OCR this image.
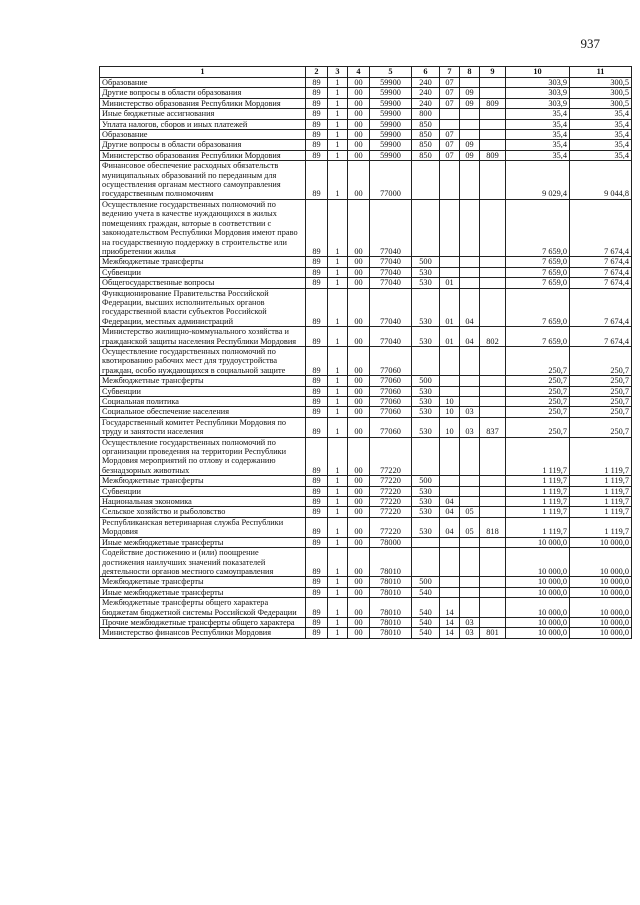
937
1	2	3	4	5	6	7	8	9	10	11
Образование	89	1	00	59900	240	07			303,9	300,5
Другие вопросы в области образования	89	1	00	59900	240	07	09		303,9	300,5
Министерство образования Республики Мордовия	89	1	00	59900	240	07	09	809	303,9	300,5
Иные бюджетные ассигнования	89	1	00	59900	800				35,4	35,4
Уплата налогов, сборов и иных платежей	89	1	00	59900	850				35,4	35,4
Образование	89	1	00	59900	850	07			35,4	35,4
Другие вопросы в области образования	89	1	00	59900	850	07	09		35,4	35,4
Министерство образования Республики Мордовия	89	1	00	59900	850	07	09	809	35,4	35,4
Финансовое обеспечение расходных обязательств муниципальных образований по переданным для осуществления органам местного самоуправления государственным полномочиям	89	1	00	77000					9 029,4	9 044,8
Осуществление государственных полномочий по ведению учета в качестве нуждающихся в жилых помещениях граждан, которые в соответствии с законодательством Республики Мордовия имеют право на государственную поддержку в строительстве или приобретении жилья	89	1	00	77040					7 659,0	7 674,4
Межбюджетные трансферты	89	1	00	77040	500				7 659,0	7 674,4
Субвенции	89	1	00	77040	530				7 659,0	7 674,4
Общегосударственные вопросы	89	1	00	77040	530	01			7 659,0	7 674,4
Функционирование Правительства Российской Федерации, высших исполнительных органов государственной власти субъектов Российской Федерации, местных администраций	89	1	00	77040	530	01	04		7 659,0	7 674,4
Министерство жилищно-коммунального хозяйства и гражданской защиты населения Республики Мордовия	89	1	00	77040	530	01	04	802	7 659,0	7 674,4
Осуществление государственных полномочий по квотированию рабочих мест для трудоустройства граждан, особо нуждающихся в социальной защите	89	1	00	77060					250,7	250,7
Межбюджетные трансферты	89	1	00	77060	500				250,7	250,7
Субвенции	89	1	00	77060	530				250,7	250,7
Социальная политика	89	1	00	77060	530	10			250,7	250,7
Социальное обеспечение населения	89	1	00	77060	530	10	03		250,7	250,7
Государственный комитет Республики Мордовия по труду и занятости населения	89	1	00	77060	530	10	03	837	250,7	250,7
Осуществление государственных полномочий по организации проведения на территории Республики Мордовия мероприятий по отлову и содержанию безнадзорных животных	89	1	00	77220					1 119,7	1 119,7
Межбюджетные трансферты	89	1	00	77220	500				1 119,7	1 119,7
Субвенции	89	1	00	77220	530				1 119,7	1 119,7
Национальная экономика	89	1	00	77220	530	04			1 119,7	1 119,7
Сельское хозяйство и рыболовство	89	1	00	77220	530	04	05		1 119,7	1 119,7
Республиканская ветеринарная служба Республики Мордовия	89	1	00	77220	530	04	05	818	1 119,7	1 119,7
Иные межбюджетные трансферты	89	1	00	78000					10 000,0	10 000,0
Содействие достижению и (или) поощрение достижения наилучших значений показателей деятельности органов местного самоуправления	89	1	00	78010					10 000,0	10 000,0
Межбюджетные трансферты	89	1	00	78010	500				10 000,0	10 000,0
Иные межбюджетные трансферты	89	1	00	78010	540				10 000,0	10 000,0
Межбюджетные трансферты общего характера бюджетам бюджетной системы Российской Федерации	89	1	00	78010	540	14			10 000,0	10 000,0
Прочие межбюджетные трансферты общего характера	89	1	00	78010	540	14	03		10 000,0	10 000,0
Министерство финансов Республики Мордовия	89	1	00	78010	540	14	03	801	10 000,0	10 000,0
